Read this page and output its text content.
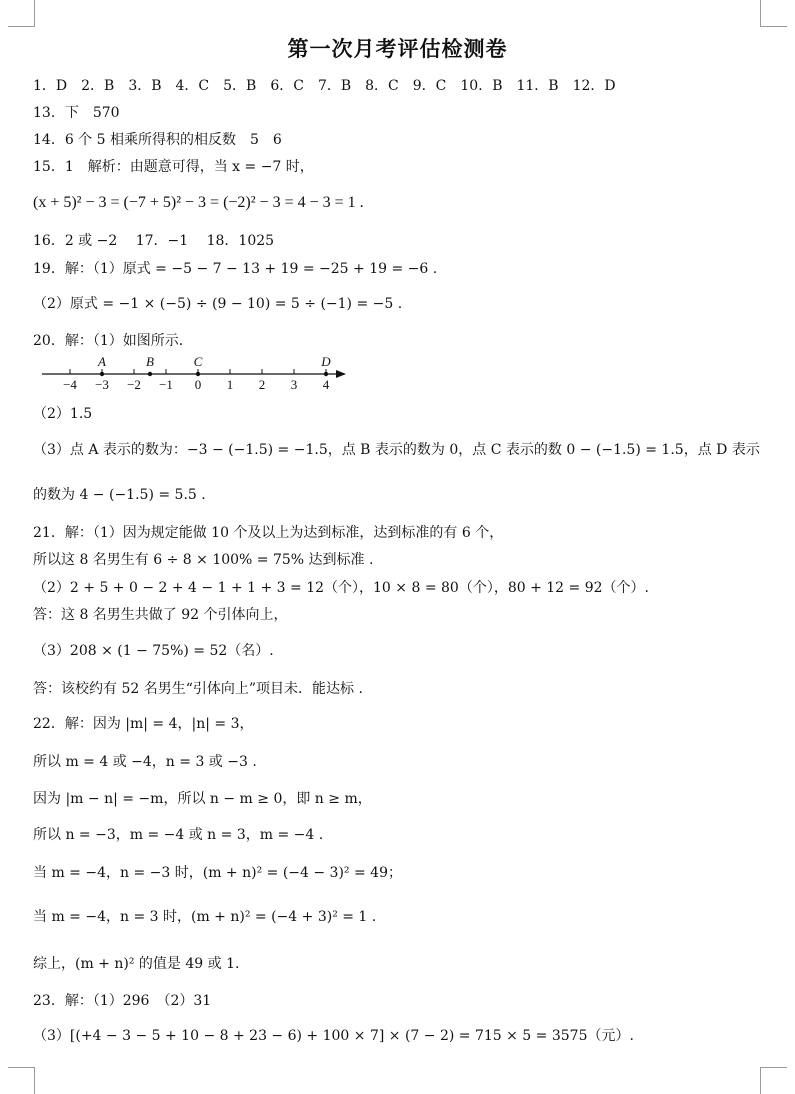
第一次月考评估检测卷
1．D　2．B　3．B　4．C　5．B　6．C　7．B　8．C　9．C　10．B　11．B　12．D
13．下　570
14．6 个 5 相乘所得积的相反数　5　6
15．1　解析：由题意可得，当 x = −7 时，
(x + 5)² − 3 = (−7 + 5)² − 3 = (−2)² − 3 = 4 − 3 = 1 .
16．2 或 −2　 17．−1　 18．1025
19．解：（1）原式 = −5 − 7 − 13 + 19 = −25 + 19 = −6 .
（2）原式 = −1 × (−5) ÷ (9 − 10) = 5 ÷ (−1) = −5 .
20．解：（1）如图所示．
−4 −3 −2 −1 0 1 2 3 4
A	B	C	D
（2）1.5
（3）点 A 表示的数为：−3 − (−1.5) = −1.5，点 B 表示的数为 0，点 C 表示的数 0 − (−1.5) = 1.5，点 D 表示
的数为 4 − (−1.5) = 5.5 .
21．解：（1）因为规定能做 10 个及以上为达到标准，达到标准的有 6 个，
所以这 8 名男生有 6 ÷ 8 × 100% = 75% 达到标准 .
（2）2 + 5 + 0 − 2 + 4 − 1 + 1 + 3 = 12（个），10 × 8 = 80（个），80 + 12 = 92（个）.
答：这 8 名男生共做了 92 个引体向上，
（3）208 × (1 − 75%) = 52（名）.
答：该校约有 52 名男生“引体向上”项目未．能达标 .
22．解：因为 |m| = 4，|n| = 3，
所以 m = 4 或 −4，n = 3 或 −3 .
因为 |m − n| = −m，所以 n − m ≥ 0，即 n ≥ m，
所以 n = −3，m = −4 或 n = 3，m = −4 .
当 m = −4，n = −3 时，(m + n)² = (−4 − 3)² = 49；
当 m = −4，n = 3 时，(m + n)² = (−4 + 3)² = 1 .
综上，(m + n)² 的值是 49 或 1.
23．解：（1）296　（2）31
（3）[(+4 − 3 − 5 + 10 − 8 + 23 − 6) + 100 × 7] × (7 − 2) = 715 × 5 = 3575（元）.
